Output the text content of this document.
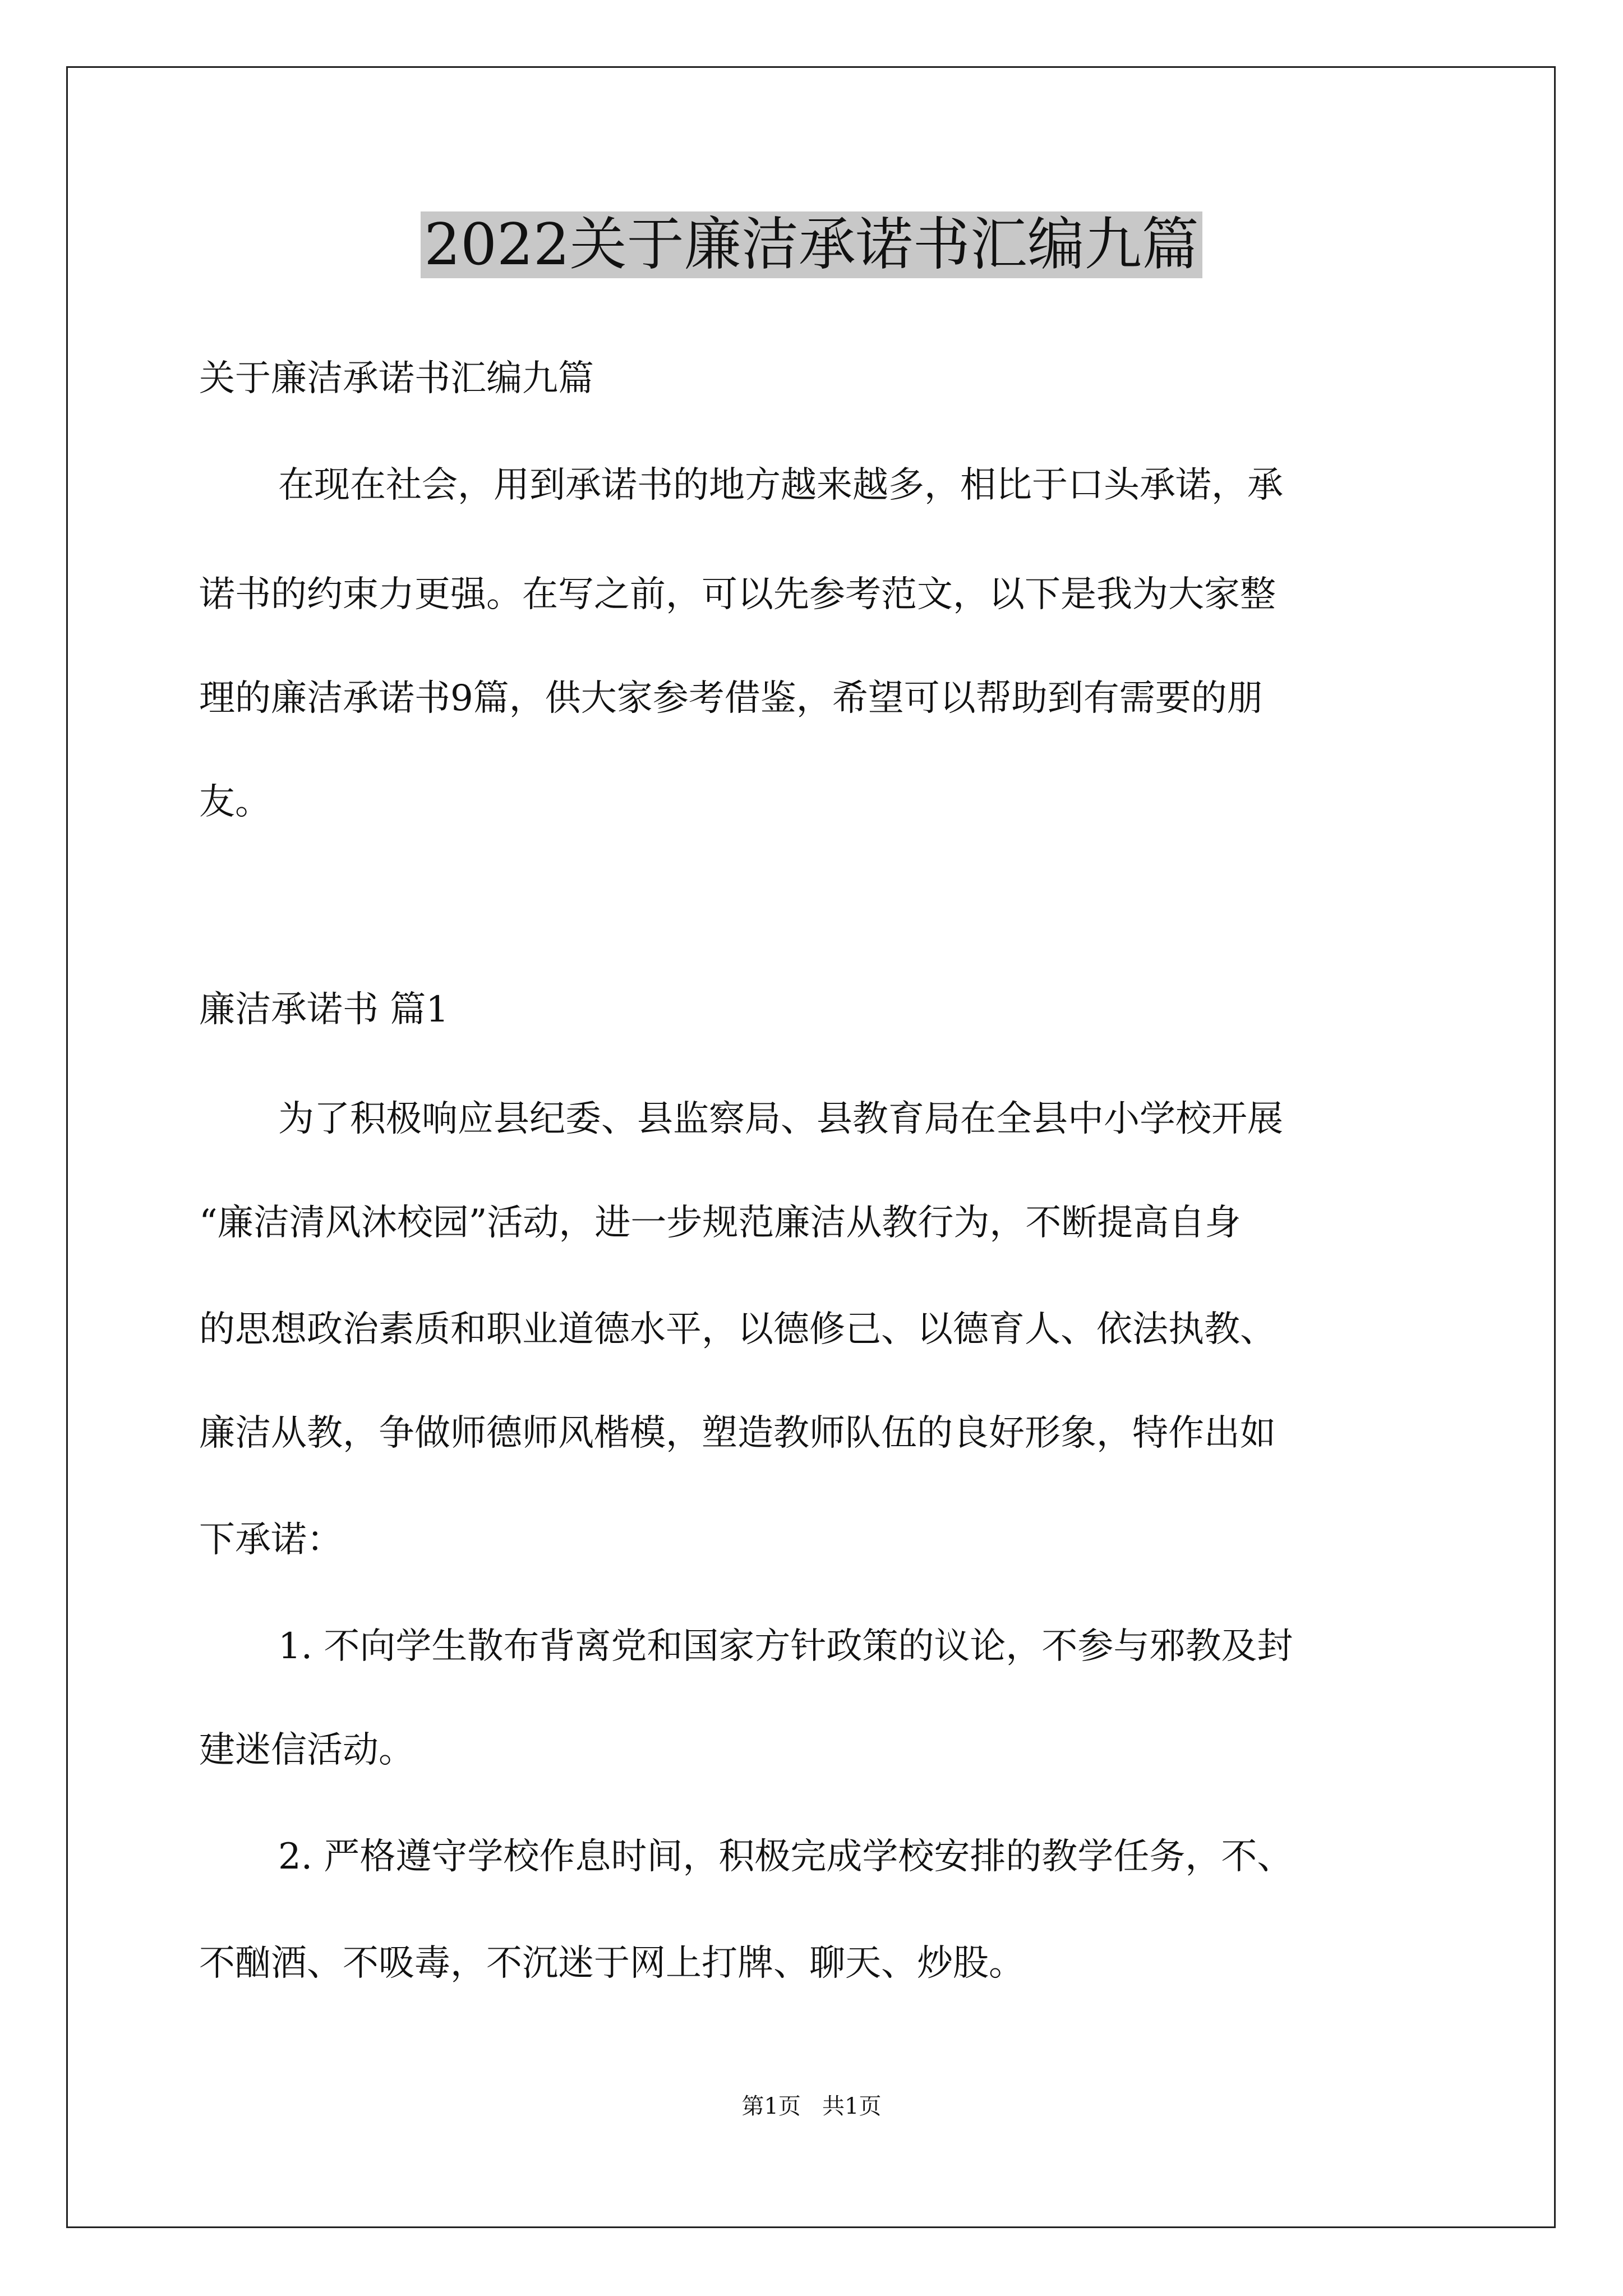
2022关于廉洁承诺书汇编九篇
关于廉洁承诺书汇编九篇
在现在社会，用到承诺书的地方越来越多，相比于口头承诺，承
诺书的约束力更强。在写之前，可以先参考范文，以下是我为大家整
理的廉洁承诺书9篇，供大家参考借鉴，希望可以帮助到有需要的朋
友。
廉洁承诺书 篇1
为了积极响应县纪委、县监察局、县教育局在全县中小学校开展
“廉洁清风沐校园”活动，进一步规范廉洁从教行为，不断提高自身
的思想政治素质和职业道德水平，以德修己、以德育人、依法执教、
廉洁从教，争做师德师风楷模，塑造教师队伍的良好形象，特作出如
下承诺：
1. 不向学生散布背离党和国家方针政策的议论，不参与邪教及封
建迷信活动。
2. 严格遵守学校作息时间，积极完成学校安排的教学任务，不、
不酗酒、不吸毒，不沉迷于网上打牌、聊天、炒股。
第1页   共1页
